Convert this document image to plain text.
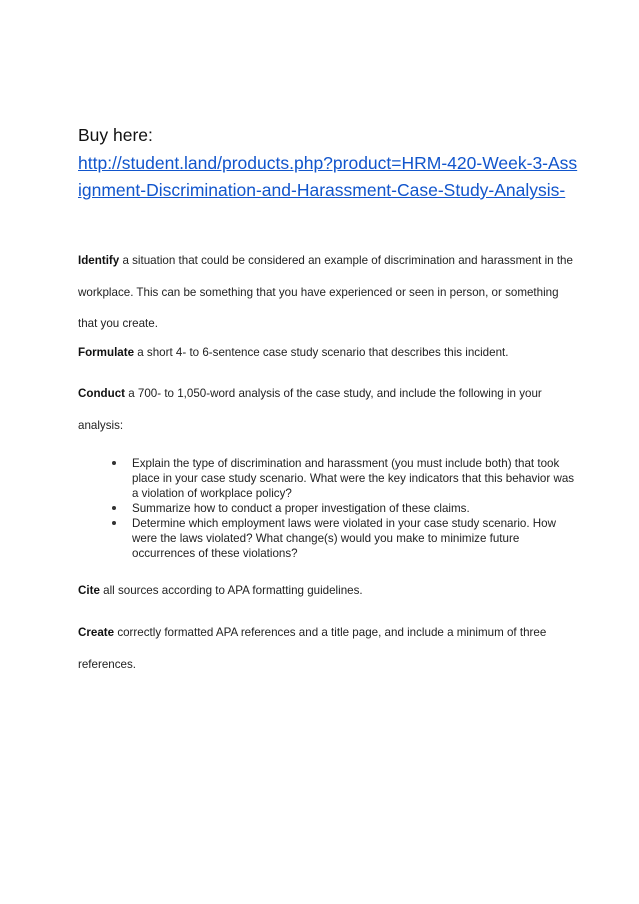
Buy here:
http://student.land/products.php?product=HRM-420-Week-3-Assignment-Discrimination-and-Harassment-Case-Study-Analysis-

Identify a situation that could be considered an example of discrimination and harassment in the workplace. This can be something that you have experienced or seen in person, or something that you create.

Formulate a short 4- to 6-sentence case study scenario that describes this incident.

Conduct a 700- to 1,050-word analysis of the case study, and include the following in your analysis:

Explain the type of discrimination and harassment (you must include both) that took place in your case study scenario. What were the key indicators that this behavior was a violation of workplace policy?
Summarize how to conduct a proper investigation of these claims.
Determine which employment laws were violated in your case study scenario. How were the laws violated? What change(s) would you make to minimize future occurrences of these violations?

Cite all sources according to APA formatting guidelines.

Create correctly formatted APA references and a title page, and include a minimum of three references.
